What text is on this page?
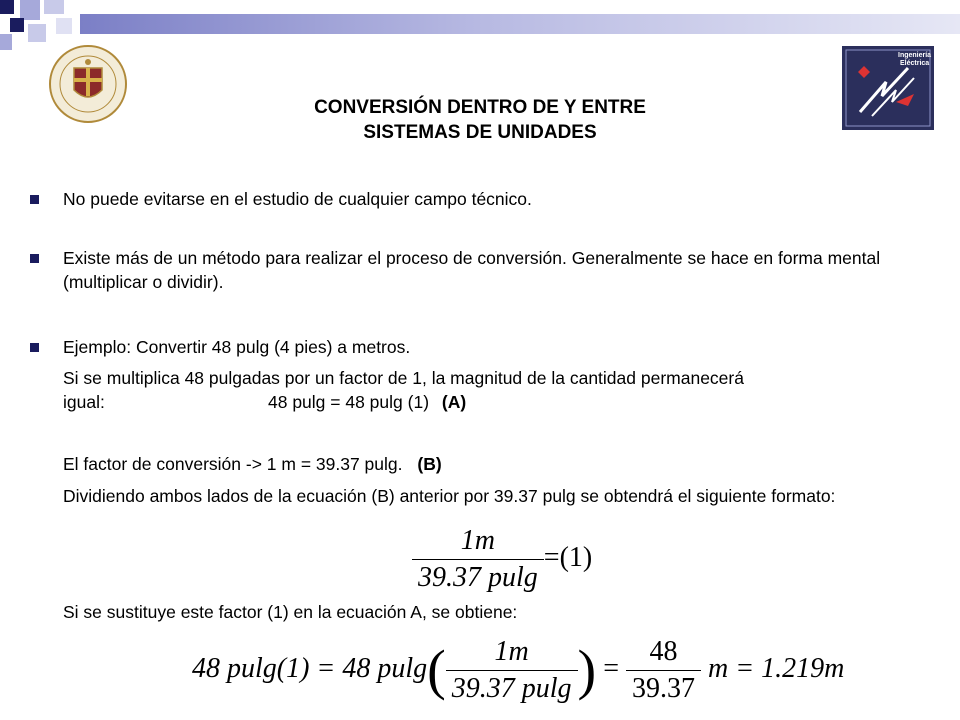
Ingeniería
Eléctrica
CONVERSIÓN DENTRO DE Y ENTRE
SISTEMAS DE UNIDADES
No puede evitarse en el estudio de cualquier campo técnico.
Existe más de un método para realizar el proceso de conversión. Generalmente se hace en forma mental (multiplicar o dividir).
Ejemplo: Convertir 48 pulg (4 pies) a metros.
Si se multiplica 48 pulgadas por un factor de 1, la magnitud de la cantidad permanecerá
igual:	48 pulg = 48 pulg (1) (A)
El factor de conversión -> 1 m = 39.37 pulg. (B)
Dividiendo ambos lados de la ecuación (B) anterior por 39.37 pulg se obtendrá el siguiente formato:
$\frac{1m}{39.37 pulg} =(1)$
Si se sustituye este factor (1) en la ecuación A, se obtiene:
48 pulg(1) = 48 $pulg( \frac{1m}{39.37 pulg}$ ) = $\frac{48}{39.37}$ m = 1.219m
